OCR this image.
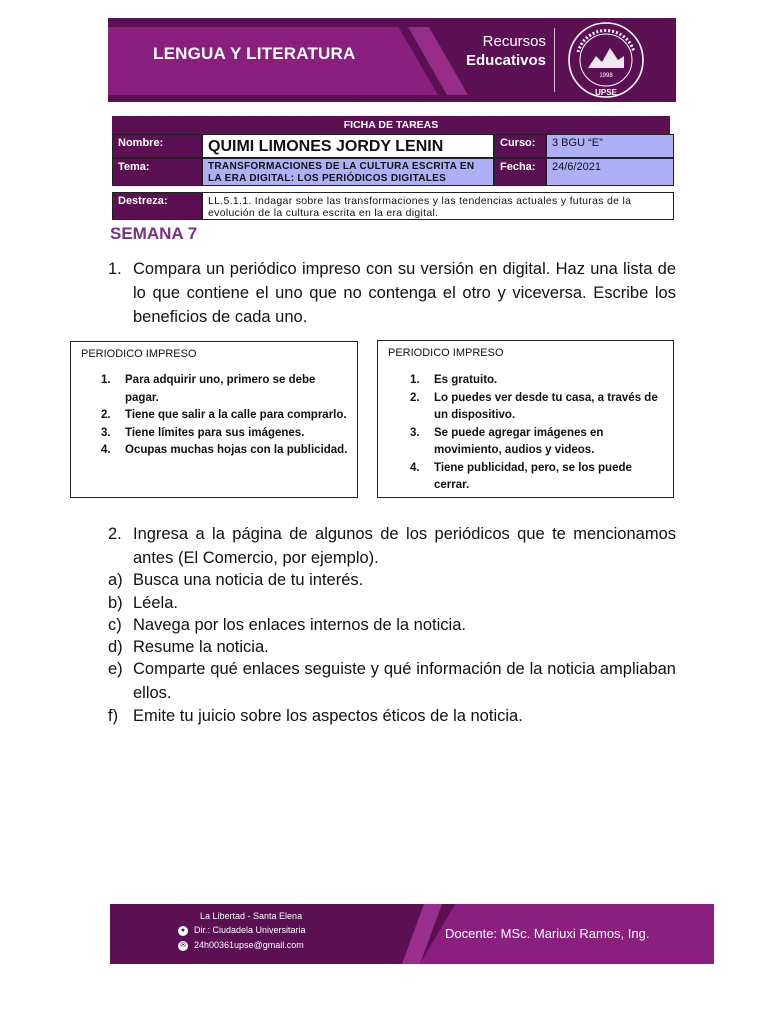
LENGUA Y LITERATURA
Recursos
Educativos
1998
UPSE
FICHA DE TAREAS
Nombre:	QUIMI LIMONES JORDY LENIN	Curso:	3 BGU “E”
Tema:	TRANSFORMACIONES DE LA CULTURA ESCRITA EN LA ERA DIGITAL: LOS PERIÓDICOS DIGITALES
Fecha:	24/6/2021
Destreza:	LL.5.1.1. Indagar sobre las transformaciones y las tendencias actuales y futuras de la evolución de la cultura escrita en la era digital.
SEMANA 7
1. Compara un periódico impreso con su versión en digital. Haz una lista de lo que contiene el uno que no contenga el otro y viceversa. Escribe los beneficios de cada uno.
PERIODICO IMPRESO
1. Para adquirir uno, primero se debe pagar.
2. Tiene que salir a la calle para comprarlo.
3. Tiene límites para sus imágenes.
4. Ocupas muchas hojas con la publicidad.
PERIODICO IMPRESO
1. Es gratuito.
2. Lo puedes ver desde tu casa, a través de un dispositivo.
3. Se puede agregar imágenes en movimiento, audios y videos.
4. Tiene publicidad, pero, se los puede cerrar.
2. Ingresa a la página de algunos de los periódicos que te mencionamos antes (El Comercio, por ejemplo).
a) Busca una noticia de tu interés.
b) Léela.
c) Navega por los enlaces internos de la noticia.
d) Resume la noticia.
e) Comparte qué enlaces seguiste y qué información de la noticia ampliaban ellos.
f) Emite tu juicio sobre los aspectos éticos de la noticia.
La Libertad - Santa Elena
● Dir.: Ciudadela Universitaria
✉ 24h00361upse@gmail.com
Docente: MSc. Mariuxi Ramos, Ing.
